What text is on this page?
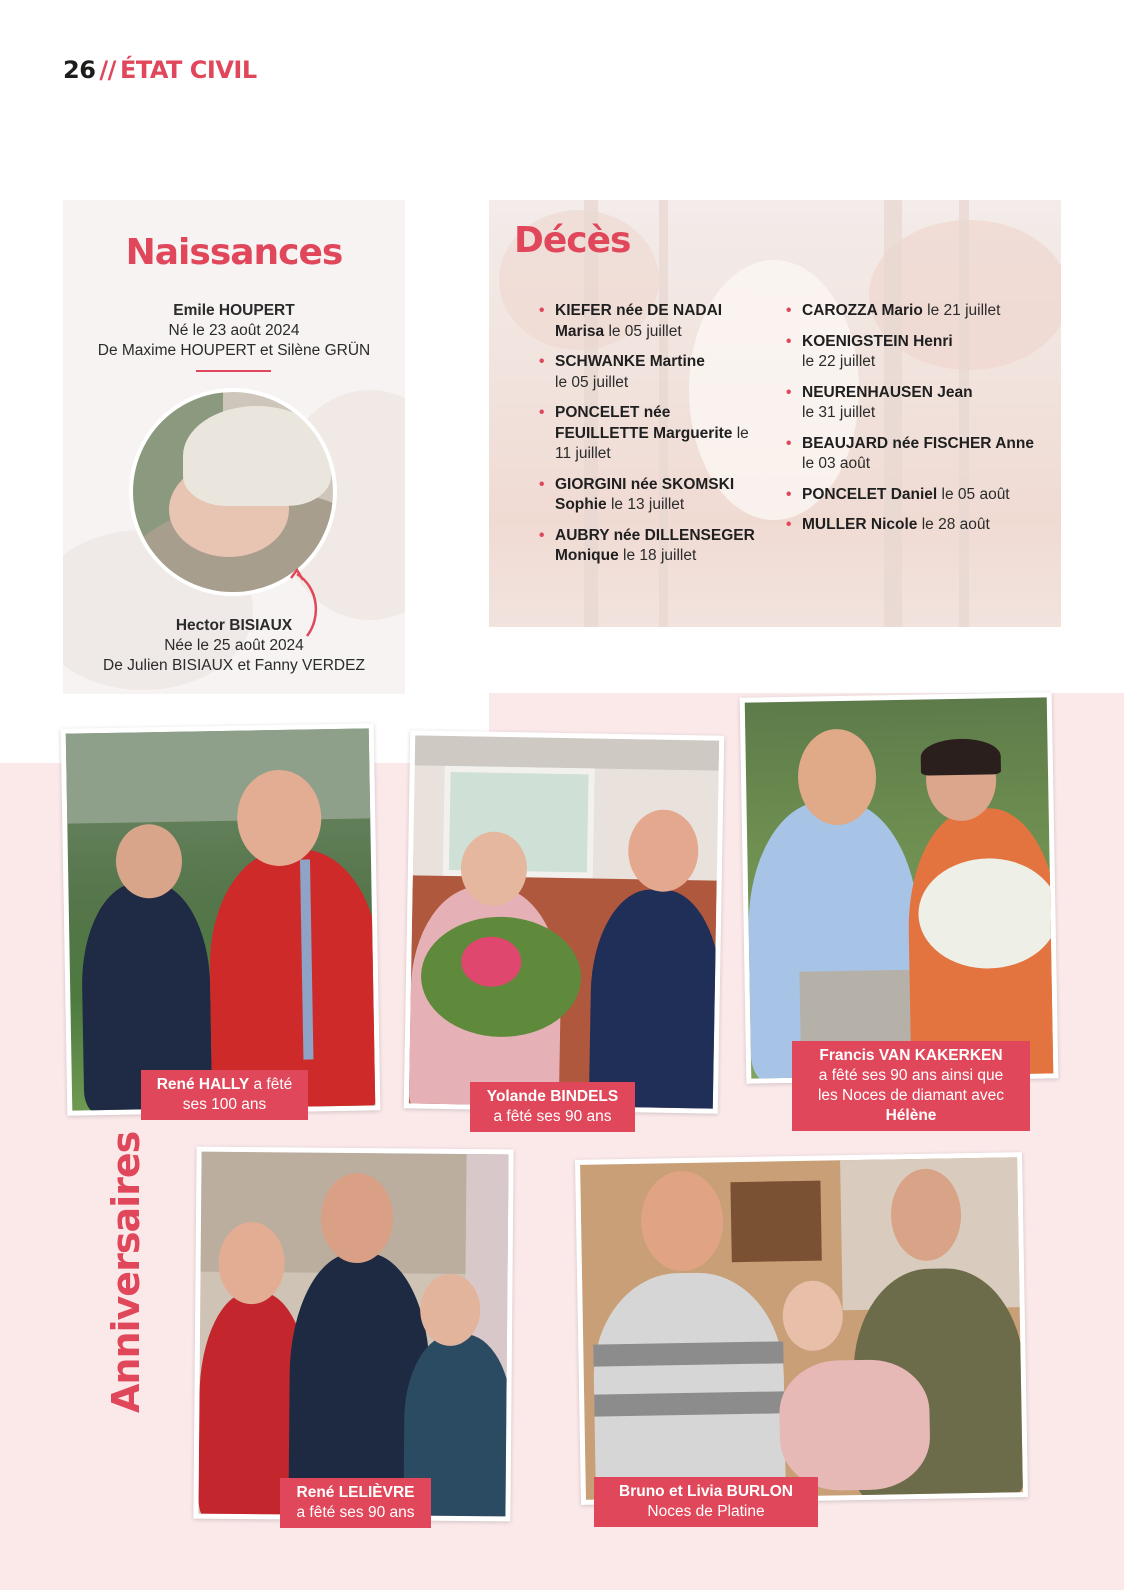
26 // ÉTAT CIVIL
Naissances
Emile HOUPERT
Né le 23 août 2024
De Maxime HOUPERT et Silène GRÜN
Hector BISIAUX
Née le 25 août 2024
De Julien BISIAUX et Fanny VERDEZ
Décès
• KIEFER née DE NADAI Marisa le 05 juillet
• SCHWANKE Martine
le 05 juillet
• PONCELET née FEUILLETTE Marguerite le 11 juillet
• GIORGINI née SKOMSKI Sophie le 13 juillet
• AUBRY née DILLENSEGER Monique le 18 juillet
• CAROZZA Mario le 21 juillet
• KOENIGSTEIN Henri
le 22 juillet
• NEURENHAUSEN Jean
le 31 juillet
• BEAUJARD née FISCHER Anne le 03 août
• PONCELET Daniel le 05 août
• MULLER Nicole le 28 août
René HALLY a fêté
ses 100 ans	Yolande BINDELS
a fêté ses 90 ans
Francis VAN KAKERKEN
a fêté ses 90 ans ainsi que
les Noces de diamant avec
Hélène
René LELIÈVRE
a fêté ses 90 ans
Bruno et Livia BURLON
Noces de Platine
Anniversaires
